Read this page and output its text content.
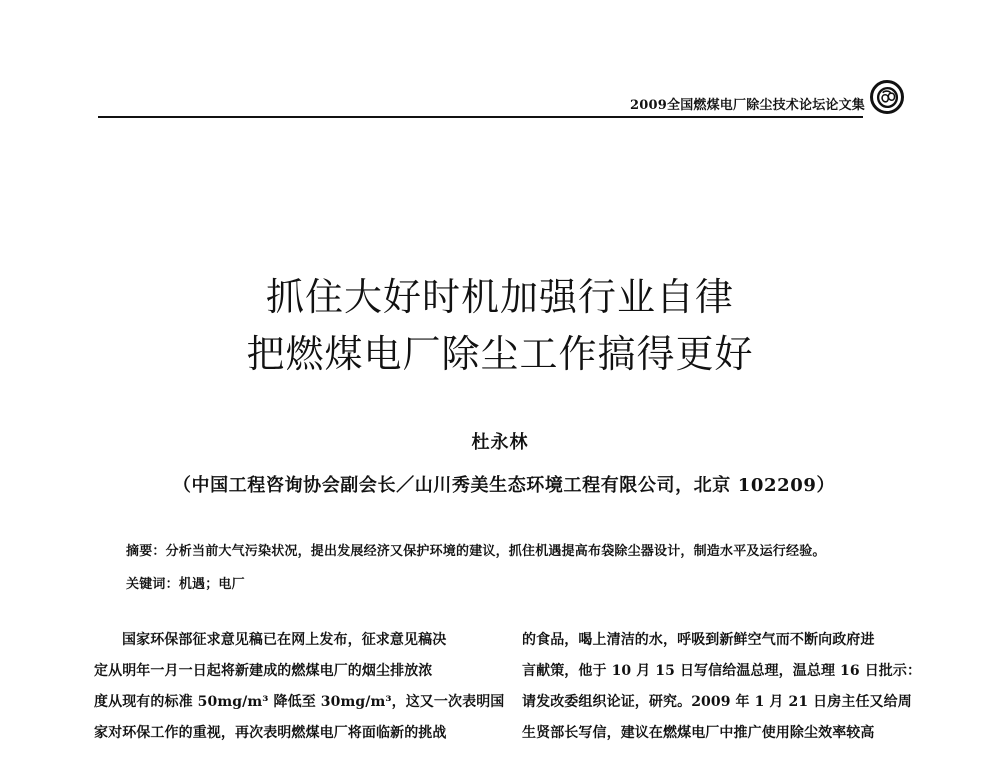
2009全国燃煤电厂除尘技术论坛论文集
抓住大好时机加强行业自律
把燃煤电厂除尘工作搞得更好
杜永林
（中国工程咨询协会副会长／山川秀美生态环境工程有限公司，北京 102209）
摘要：分析当前大气污染状况，提出发展经济又保护环境的建议，抓住机遇提高布袋除尘器设计，制造水平及运行经验。
关键词：机遇；电厂
国家环保部征求意见稿已在网上发布，征求意见稿决
定从明年一月一日起将新建成的燃煤电厂的烟尘排放浓
度从现有的标准 50mg/m³ 降低至 30mg/m³，这又一次表明国
家对环保工作的重视，再次表明燃煤电厂将面临新的挑战
的食品，喝上清洁的水，呼吸到新鲜空气而不断向政府进
言献策，他于 10 月 15 日写信给温总理，温总理 16 日批示：
请发改委组织论证，研究。2009 年 1 月 21 日房主任又给周
生贤部长写信，建议在燃煤电厂中推广使用除尘效率较高
